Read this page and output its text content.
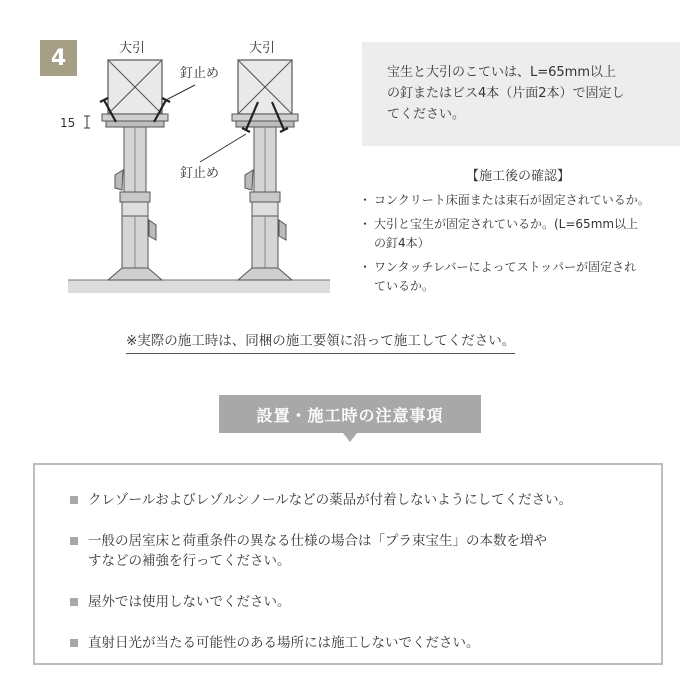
4	大引	大引
釘止め
釘止め
15
宝生と大引のこていは、L=65mm以上
の釘またはビス4本（片面2本）で固定し
てください。
【施工後の確認】
・ コンクリート床面または束石が固定されているか。
・ 大引と宝生が固定されているか。(L=65mm以上
の釘4本）
・ ワンタッチレバーによってストッパーが固定され
ているか。
※実際の施工時は、同梱の施工要領に沿って施工してください。
設置・施工時の注意事項
クレゾールおよびレゾルシノールなどの薬品が付着しないようにしてください。
一般の居室床と荷重条件の異なる仕様の場合は「プラ束宝生」の本数を増や
すなどの補強を行ってください。
屋外では使用しないでください。
直射日光が当たる可能性のある場所には施工しないでください。
